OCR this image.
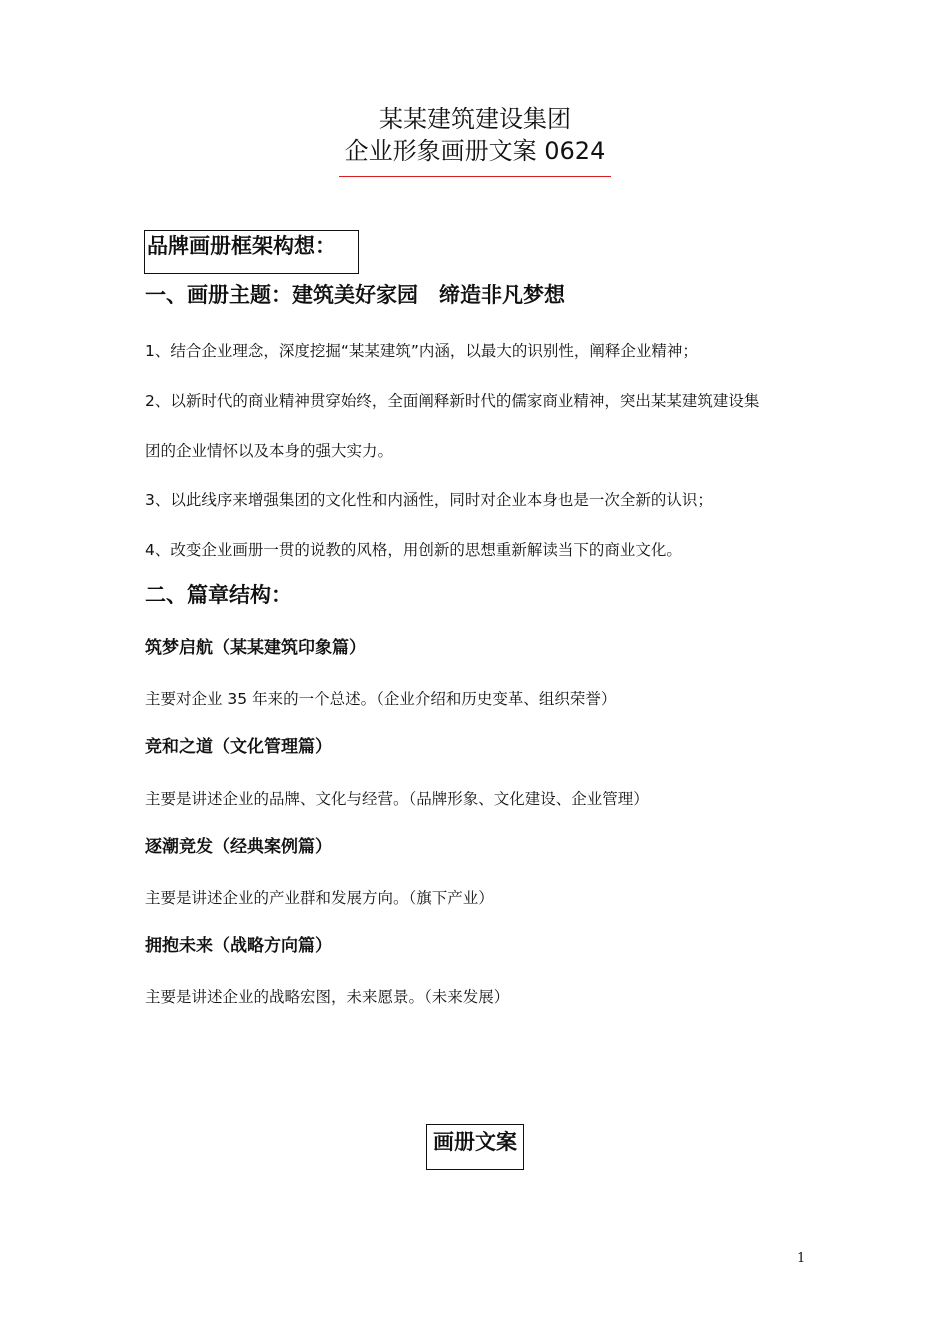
某某建筑建设集团
企业形象画册文案 0624
品牌画册框架构想：
一、画册主题：建筑美好家园　缔造非凡梦想
1、结合企业理念，深度挖掘“某某建筑”内涵，以最大的识别性，阐释企业精神；
2、以新时代的商业精神贯穿始终，全面阐释新时代的儒家商业精神，突出某某建筑建设集
团的企业情怀以及本身的强大实力。
3、以此线序来增强集团的文化性和内涵性，同时对企业本身也是一次全新的认识；
4、改变企业画册一贯的说教的风格，用创新的思想重新解读当下的商业文化。
二、篇章结构：
筑梦启航（某某建筑印象篇）
主要对企业 35 年来的一个总述。（企业介绍和历史变革、组织荣誉）
竞和之道（文化管理篇）
主要是讲述企业的品牌、文化与经营。（品牌形象、文化建设、企业管理）
逐潮竞发（经典案例篇）
主要是讲述企业的产业群和发展方向。（旗下产业）
拥抱未来（战略方向篇）
主要是讲述企业的战略宏图，未来愿景。（未来发展）
画册文案
1
